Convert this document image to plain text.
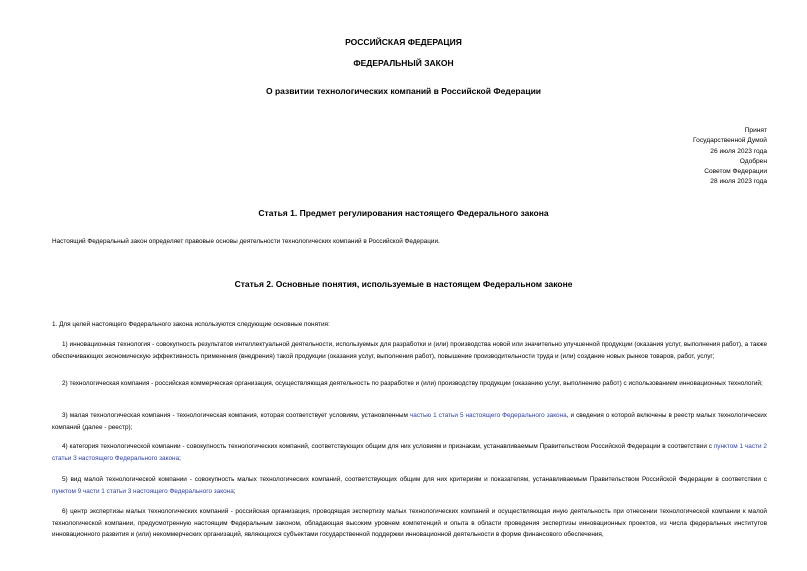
РОССИЙСКАЯ ФЕДЕРАЦИЯ
ФЕДЕРАЛЬНЫЙ ЗАКОН
О развитии технологических компаний в Российской Федерации
Принят
Государственной Думой
26 июля 2023 года
Одобрен
Советом Федерации
28 июля 2023 года
Статья 1. Предмет регулирования настоящего Федерального закона
Настоящий Федеральный закон определяет правовые основы деятельности технологических компаний в Российской Федерации.
Статья 2. Основные понятия, используемые в настоящем Федеральном законе
1. Для целей настоящего Федерального закона используются следующие основные понятия:
1) инновационная технология - совокупность результатов интеллектуальной деятельности, используемых для разработки и (или) производства новой или значительно улучшенной продукции (оказания услуг, выполнения работ), а также обеспечивающих экономическую эффективность применения (внедрения) такой продукции (оказания услуг, выполнения работ), повышение производительности труда и (или) создание новых рынков товаров, работ, услуг;
2) технологическая компания - российская коммерческая организация, осуществляющая деятельность по разработке и (или) производству продукции (оказанию услуг, выполнению работ) с использованием инновационных технологий;
3) малая технологическая компания - технологическая компания, которая соответствует условиям, установленным частью 1 статьи 5 настоящего Федерального закона, и сведения о которой включены в реестр малых технологических компаний (далее - реестр);
4) категория технологической компании - совокупность технологических компаний, соответствующих общим для них условиям и признакам, устанавливаемым Правительством Российской Федерации в соответствии с пунктом 1 части 2 статьи 3 настоящего Федерального закона;
5) вид малой технологической компании - совокупность малых технологических компаний, соответствующих общим для них критериям и показателям, устанавливаемым Правительством Российской Федерации в соответствии с пунктом 9 части 1 статьи 3 настоящего Федерального закона;
6) центр экспертизы малых технологических компаний - российская организация, проводящая экспертизу малых технологических компаний и осуществляющая иную деятельность при отнесении технологической компании к малой технологической компании, предусмотренную настоящим Федеральным законом, обладающая высоким уровнем компетенций и опыта в области проведения экспертизы инновационных проектов, из числа федеральных институтов инновационного развития и (или) некоммерческих организаций, являющихся субъектами государственной поддержки инновационной деятельности в форме финансового обеспечения,
